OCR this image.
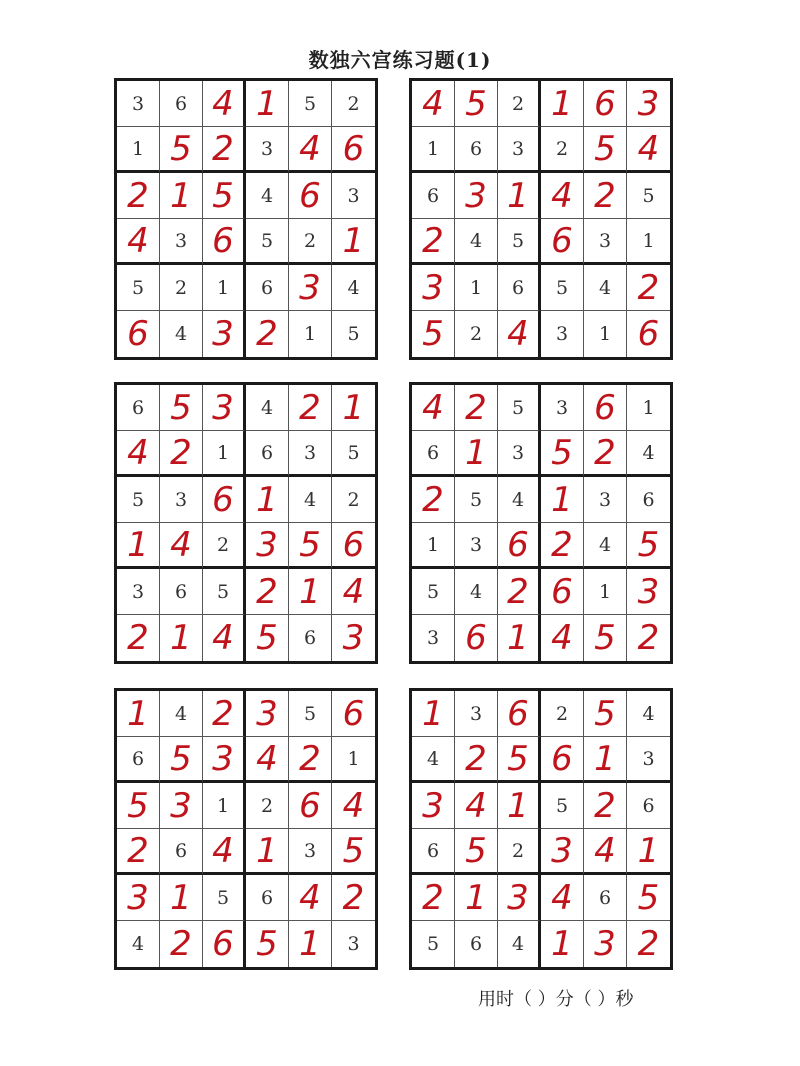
数独六宫练习题(1)
3	6 4 1	5	2
1 5 2	3 4 6
2 1 5	4 6	3
4	3 6	5	2 1
5	2	1	6 3	4
6	4 3 2	1	5
4 5	2 1 6 3
1	6	3	2 5 4
6 3 1 4 2	5
2	4	5 6	3	1
3	1	6	5	4 2
5	2 4	3	1 6
6 5 3	4 2 1
4 2	1	6	3	5
5	3 6 1	4	2
1 4	2 3 5 6
3	6	5 2 1 4
2 1 4 5	6 3
4 2	5	3 6	1
6 1	3 5 2	4
2	5	4 1	3	6
1	3 6 2	4 5
5	4 2 6	1 3
3 6 1 4 5 2
1	4 2 3	5 6
6 5 3 4 2	1
5 3	1	2 6 4
2	6 4 1	3 5
3 1	5	6 4 2
4 2 6 5 1	3
1	3 6	2 5	4
4 2 5 6 1	3
3 4 1	5 2	6
6 5	2 3 4 1
2 1 3 4	6 5
5	6	4 1 3 2
用时（ ）分（ ）秒
